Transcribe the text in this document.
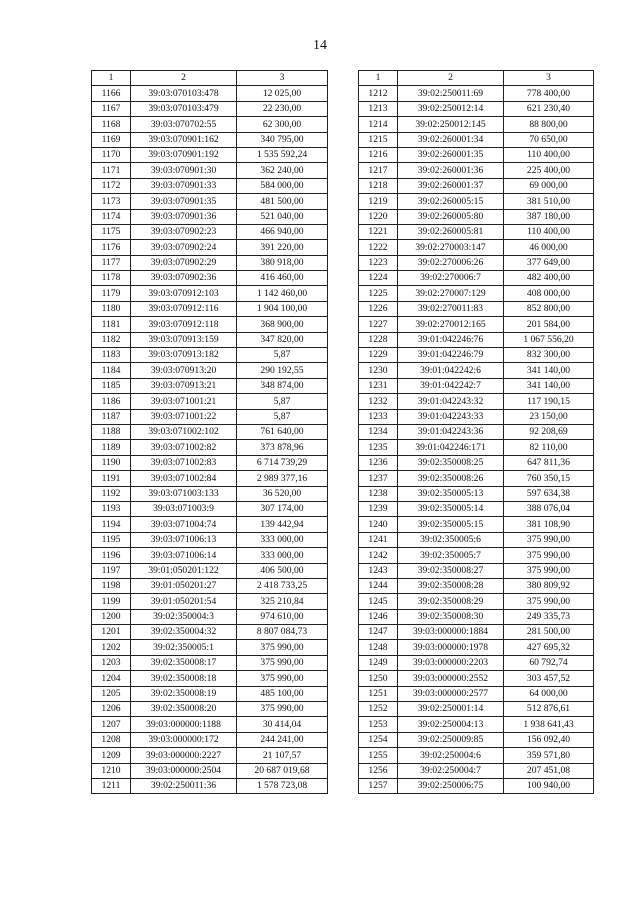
14
1	2	3
1166	39:03:070103:478	12 025,00
1167	39:03:070103:479	22 230,00
1168	39:03:070702:55	62 300,00
1169	39:03:070901:162	340 795,00
1170	39:03:070901:192	1 535 592,24
1171	39:03:070901:30	362 240,00
1172	39:03:070901:33	584 000,00
1173	39:03:070901:35	481 500,00
1174	39:03:070901:36	521 040,00
1175	39:03:070902:23	466 940,00
1176	39:03:070902:24	391 220,00
1177	39:03:070902:29	380 918,00
1178	39:03:070902:36	416 460,00
1179	39:03:070912:103	1 142 460,00
1180	39:03:070912:116	1 904 100,00
1181	39:03:070912:118	368 900,00
1182	39:03:070913:159	347 820,00
1183	39:03:070913:182	5,87
1184	39:03:070913:20	290 192,55
1185	39:03:070913:21	348 874,00
1186	39:03:071001:21	5,87
1187	39:03:071001:22	5,87
1188	39:03:071002:102	761 640,00
1189	39:03:071002:82	373 878,96
1190	39:03:071002:83	6 714 739,29
1191	39:03:071002:84	2 989 377,16
1192	39:03:071003:133	36 520,00
1193	39:03:071003:9	307 174,00
1194	39:03:071004:74	139 442,94
1195	39:03:071006:13	333 000,00
1196	39:03:071006:14	333 000,00
1197	39:01:050201:122	406 500,00
1198	39:01:050201:27	2 418 733,25
1199	39:01:050201:54	325 210,84
1200	39:02:350004:3	974 610,00
1201	39:02:350004:32	8 807 084,73
1202	39:02:350005:1	375 990,00
1203	39:02:350008:17	375 990,00
1204	39:02:350008:18	375 990,00
1205	39:02:350008:19	485 100,00
1206	39:02:350008:20	375 990,00
1207	39:03:000000:1188	30 414,04
1208	39:03:000000:172	244 241,00
1209	39:03:000000:2227	21 107,57
1210	39:03:000000:2504	20 687 019,68
1211	39:02:250011:36	1 578 723,08
1	2	3
1212	39:02:250011:69	778 400,00
1213	39:02:250012:14	621 230,40
1214	39:02:250012:145	88 800,00
1215	39:02:260001:34	70 650,00
1216	39:02:260001:35	110 400,00
1217	39:02:260001:36	225 400,00
1218	39:02:260001:37	69 000,00
1219	39:02:260005:15	381 510,00
1220	39:02:260005:80	387 180,00
1221	39:02:260005:81	110 400,00
1222	39:02:270003:147	46 000,00
1223	39:02:270006:26	377 649,00
1224	39:02:270006:7	482 400,00
1225	39:02:270007:129	408 000,00
1226	39:02:270011:83	852 800,00
1227	39:02:270012:165	201 584,00
1228	39:01:042246:76	1 067 556,20
1229	39:01:042246:79	832 300,00
1230	39:01:042242:6	341 140,00
1231	39:01:042242:7	341 140,00
1232	39:01:042243:32	117 190,15
1233	39:01:042243:33	23 150,00
1234	39:01:042243:36	92 208,69
1235	39:01:042246:171	82 110,00
1236	39:02:350008:25	647 811,36
1237	39:02:350008:26	760 350,15
1238	39:02:350005:13	597 634,38
1239	39:02:350005:14	388 076,04
1240	39:02:350005:15	381 108,90
1241	39:02:350005:6	375 990,00
1242	39:02:350005:7	375 990,00
1243	39:02:350008:27	375 990,00
1244	39:02:350008:28	380 809,92
1245	39:02:350008:29	375 990,00
1246	39:02:350008:30	249 335,73
1247	39:03:000000:1884	281 500,00
1248	39:03:000000:1978	427 695,32
1249	39:03:000000:2203	60 792,74
1250	39:03:000000:2552	303 457,52
1251	39:03:000000:2577	64 000,00
1252	39:02:250001:14	512 876,61
1253	39:02:250004:13	1 938 641,43
1254	39:02:250009:85	156 092,40
1255	39:02:250004:6	359 571,80
1256	39:02:250004:7	207 451,08
1257	39:02:250006:75	100 940,00
